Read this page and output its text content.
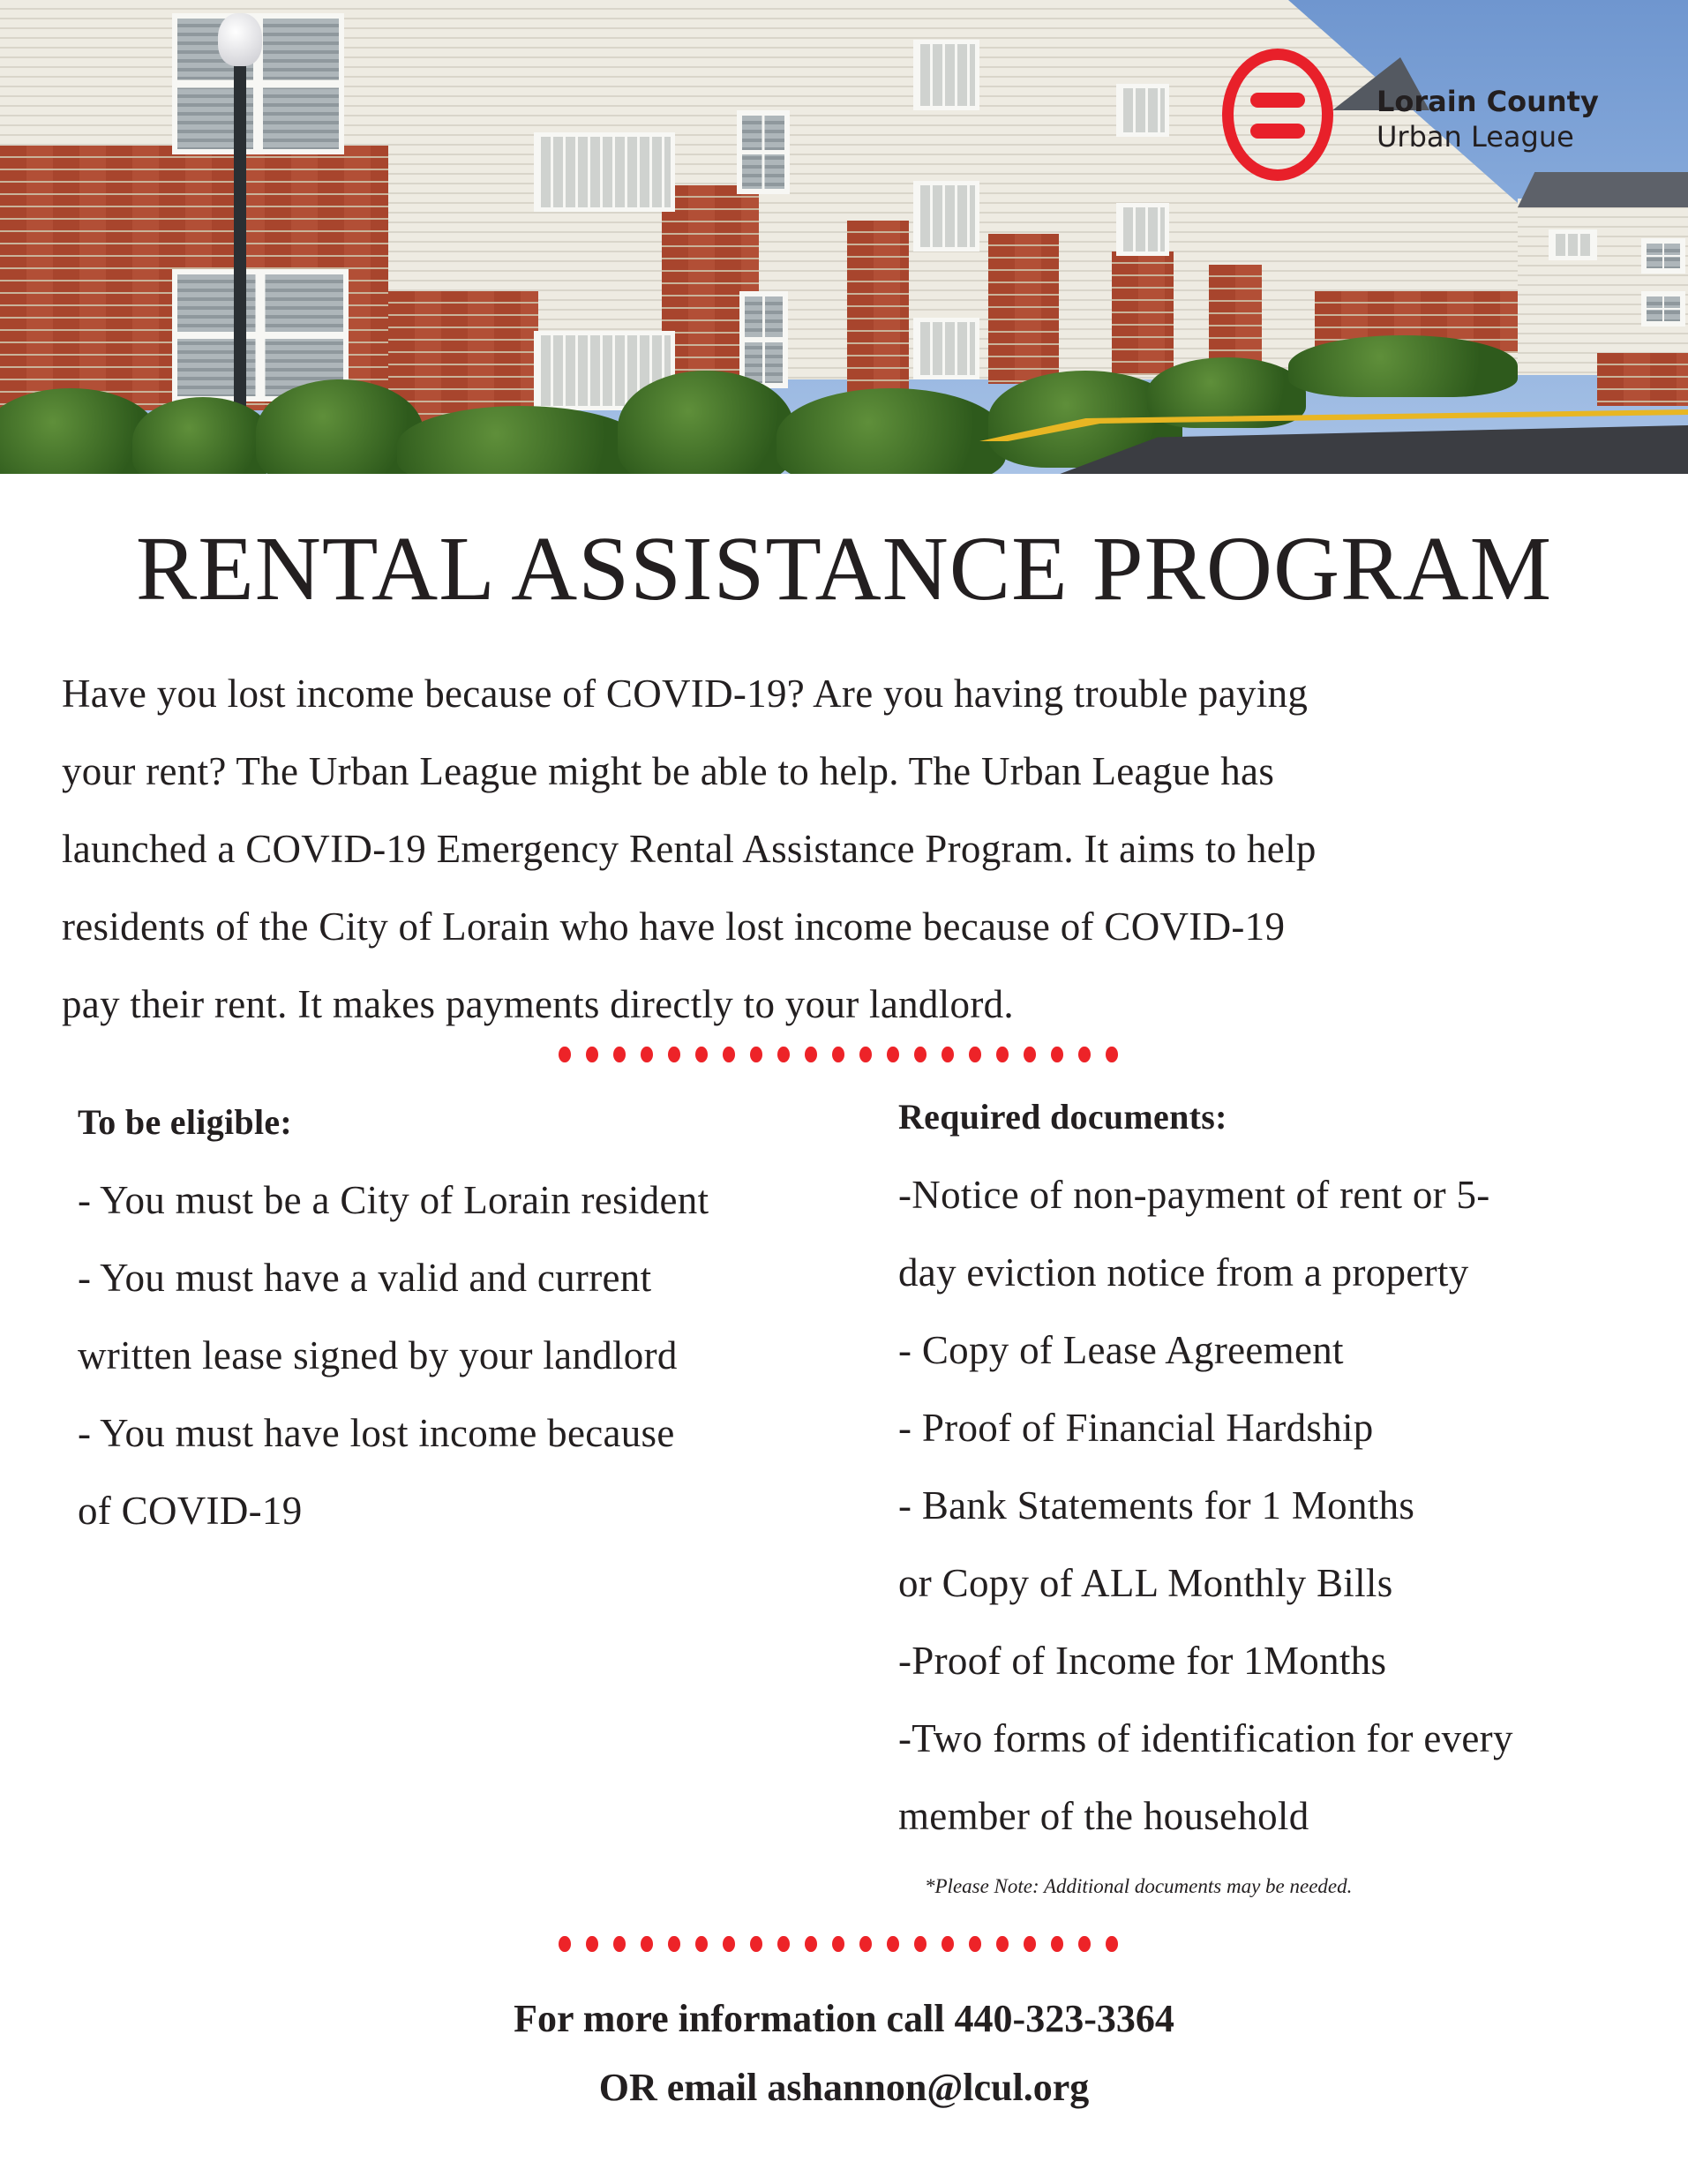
Lorain County
Urban League
RENTAL ASSISTANCE PROGRAM
Have you lost income because of COVID-19? Are you having trouble paying
your rent? The Urban League might be able to help. The Urban League has
launched a COVID-19 Emergency Rental Assistance Program. It aims to help
residents of the City of Lorain who have lost income because of COVID-19
pay their rent. It makes payments directly to your landlord.
To be eligible:
- You must be a City of Lorain resident
- You must have a valid and current
written lease signed by your landlord
- You must have lost income because
of COVID-19
Required documents:
-Notice of non-payment of rent or 5-
day eviction notice from a property
- Copy of Lease Agreement
- Proof of Financial Hardship
- Bank Statements for 1 Months
or Copy of ALL Monthly Bills
-Proof of Income for 1Months
-Two forms of identification for every
member of the household
*Please Note: Additional documents may be needed.
For more information call 440-323-3364
OR email ashannon@lcul.org
